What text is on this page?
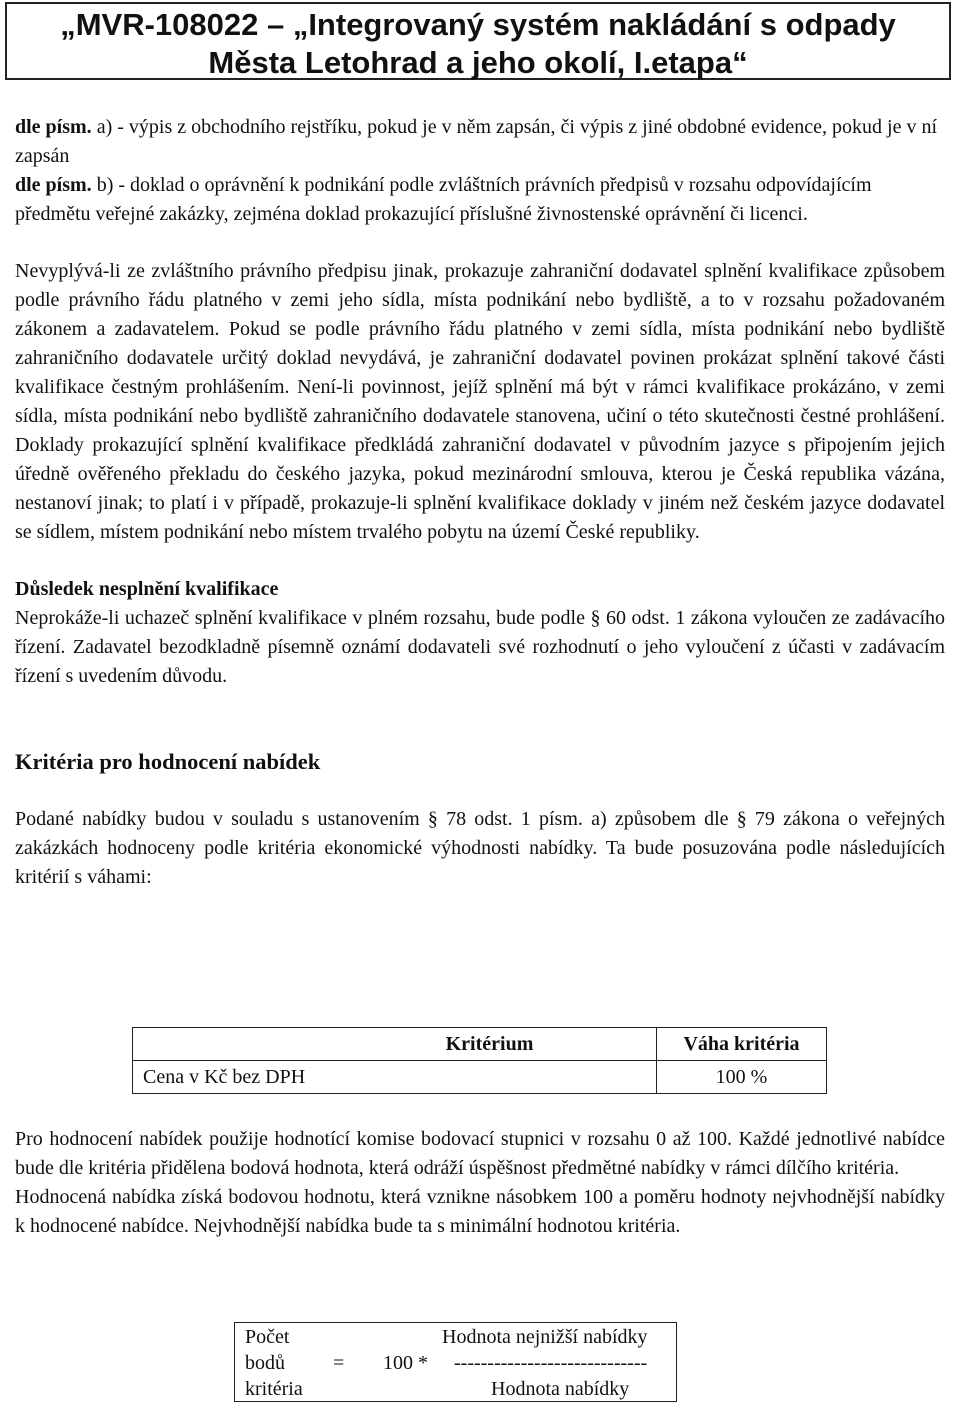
„MVR-108022 – „Integrovaný systém nakládání s odpady
Města Letohrad a jeho okolí, I.etapa“

dle písm. a) - výpis z obchodního rejstříku, pokud je v něm zapsán, či výpis z jiné obdobné evidence, pokud je v ní zapsán

dle písm. b) - doklad o oprávnění k podnikání podle zvláštních právních předpisů v rozsahu odpovídajícím předmětu veřejné zakázky, zejména doklad prokazující příslušné živnostenské oprávnění či licenci.

Nevyplývá-li ze zvláštního právního předpisu jinak, prokazuje zahraniční dodavatel splnění kvalifikace způsobem podle právního řádu platného v zemi jeho sídla, místa podnikání nebo bydliště, a to v rozsahu požadovaném zákonem a zadavatelem. Pokud se podle právního řádu platného v zemi sídla, místa podnikání nebo bydliště zahraničního dodavatele určitý doklad nevydává, je zahraniční dodavatel povinen prokázat splnění takové části kvalifikace čestným prohlášením. Není-li povinnost, jejíž splnění má být v rámci kvalifikace prokázáno, v zemi sídla, místa podnikání nebo bydliště zahraničního dodavatele stanovena, učiní o této skutečnosti čestné prohlášení. Doklady prokazující splnění kvalifikace předkládá zahraniční dodavatel v původním jazyce s připojením jejich úředně ověřeného překladu do českého jazyka, pokud mezinárodní smlouva, kterou je Česká republika vázána, nestanoví jinak; to platí i v případě, prokazuje-li splnění kvalifikace doklady v jiném než českém jazyce dodavatel se sídlem, místem podnikání nebo místem trvalého pobytu na území České republiky.

Důsledek nesplnění kvalifikace

Neprokáže-li uchazeč splnění kvalifikace v plném rozsahu, bude podle § 60 odst. 1 zákona vyloučen ze zadávacího řízení. Zadavatel bezodkladně písemně oznámí dodavateli své rozhodnutí o jeho vyloučení z účasti v zadávacím řízení s uvedením důvodu.

Kritéria pro hodnocení nabídek

Podané nabídky budou v souladu s ustanovením § 78 odst. 1 písm. a) způsobem dle § 79 zákona o veřejných zakázkách hodnoceny podle kritéria ekonomické výhodnosti nabídky. Ta bude posuzována podle následujících kritérií s váhami:

Kritérium	Váha kritéria
Cena v Kč bez DPH	100 %

Pro hodnocení nabídek použije hodnotící komise bodovací stupnici v rozsahu 0 až 100. Každé jednotlivé nabídce bude dle kritéria přidělena bodová hodnota, která odráží úspěšnost předmětné nabídky v rámci dílčího kritéria.

Hodnocená nabídka získá bodovou hodnotu, která vznikne násobkem 100 a poměru hodnoty nejvhodnější nabídky k hodnocené nabídce. Nejvhodnější nabídka bude ta s minimální hodnotou kritéria.

Počet
bodů
kritéria
= 100 *
Hodnota nejnižší nabídky
-----------------------------
Hodnota nabídky
